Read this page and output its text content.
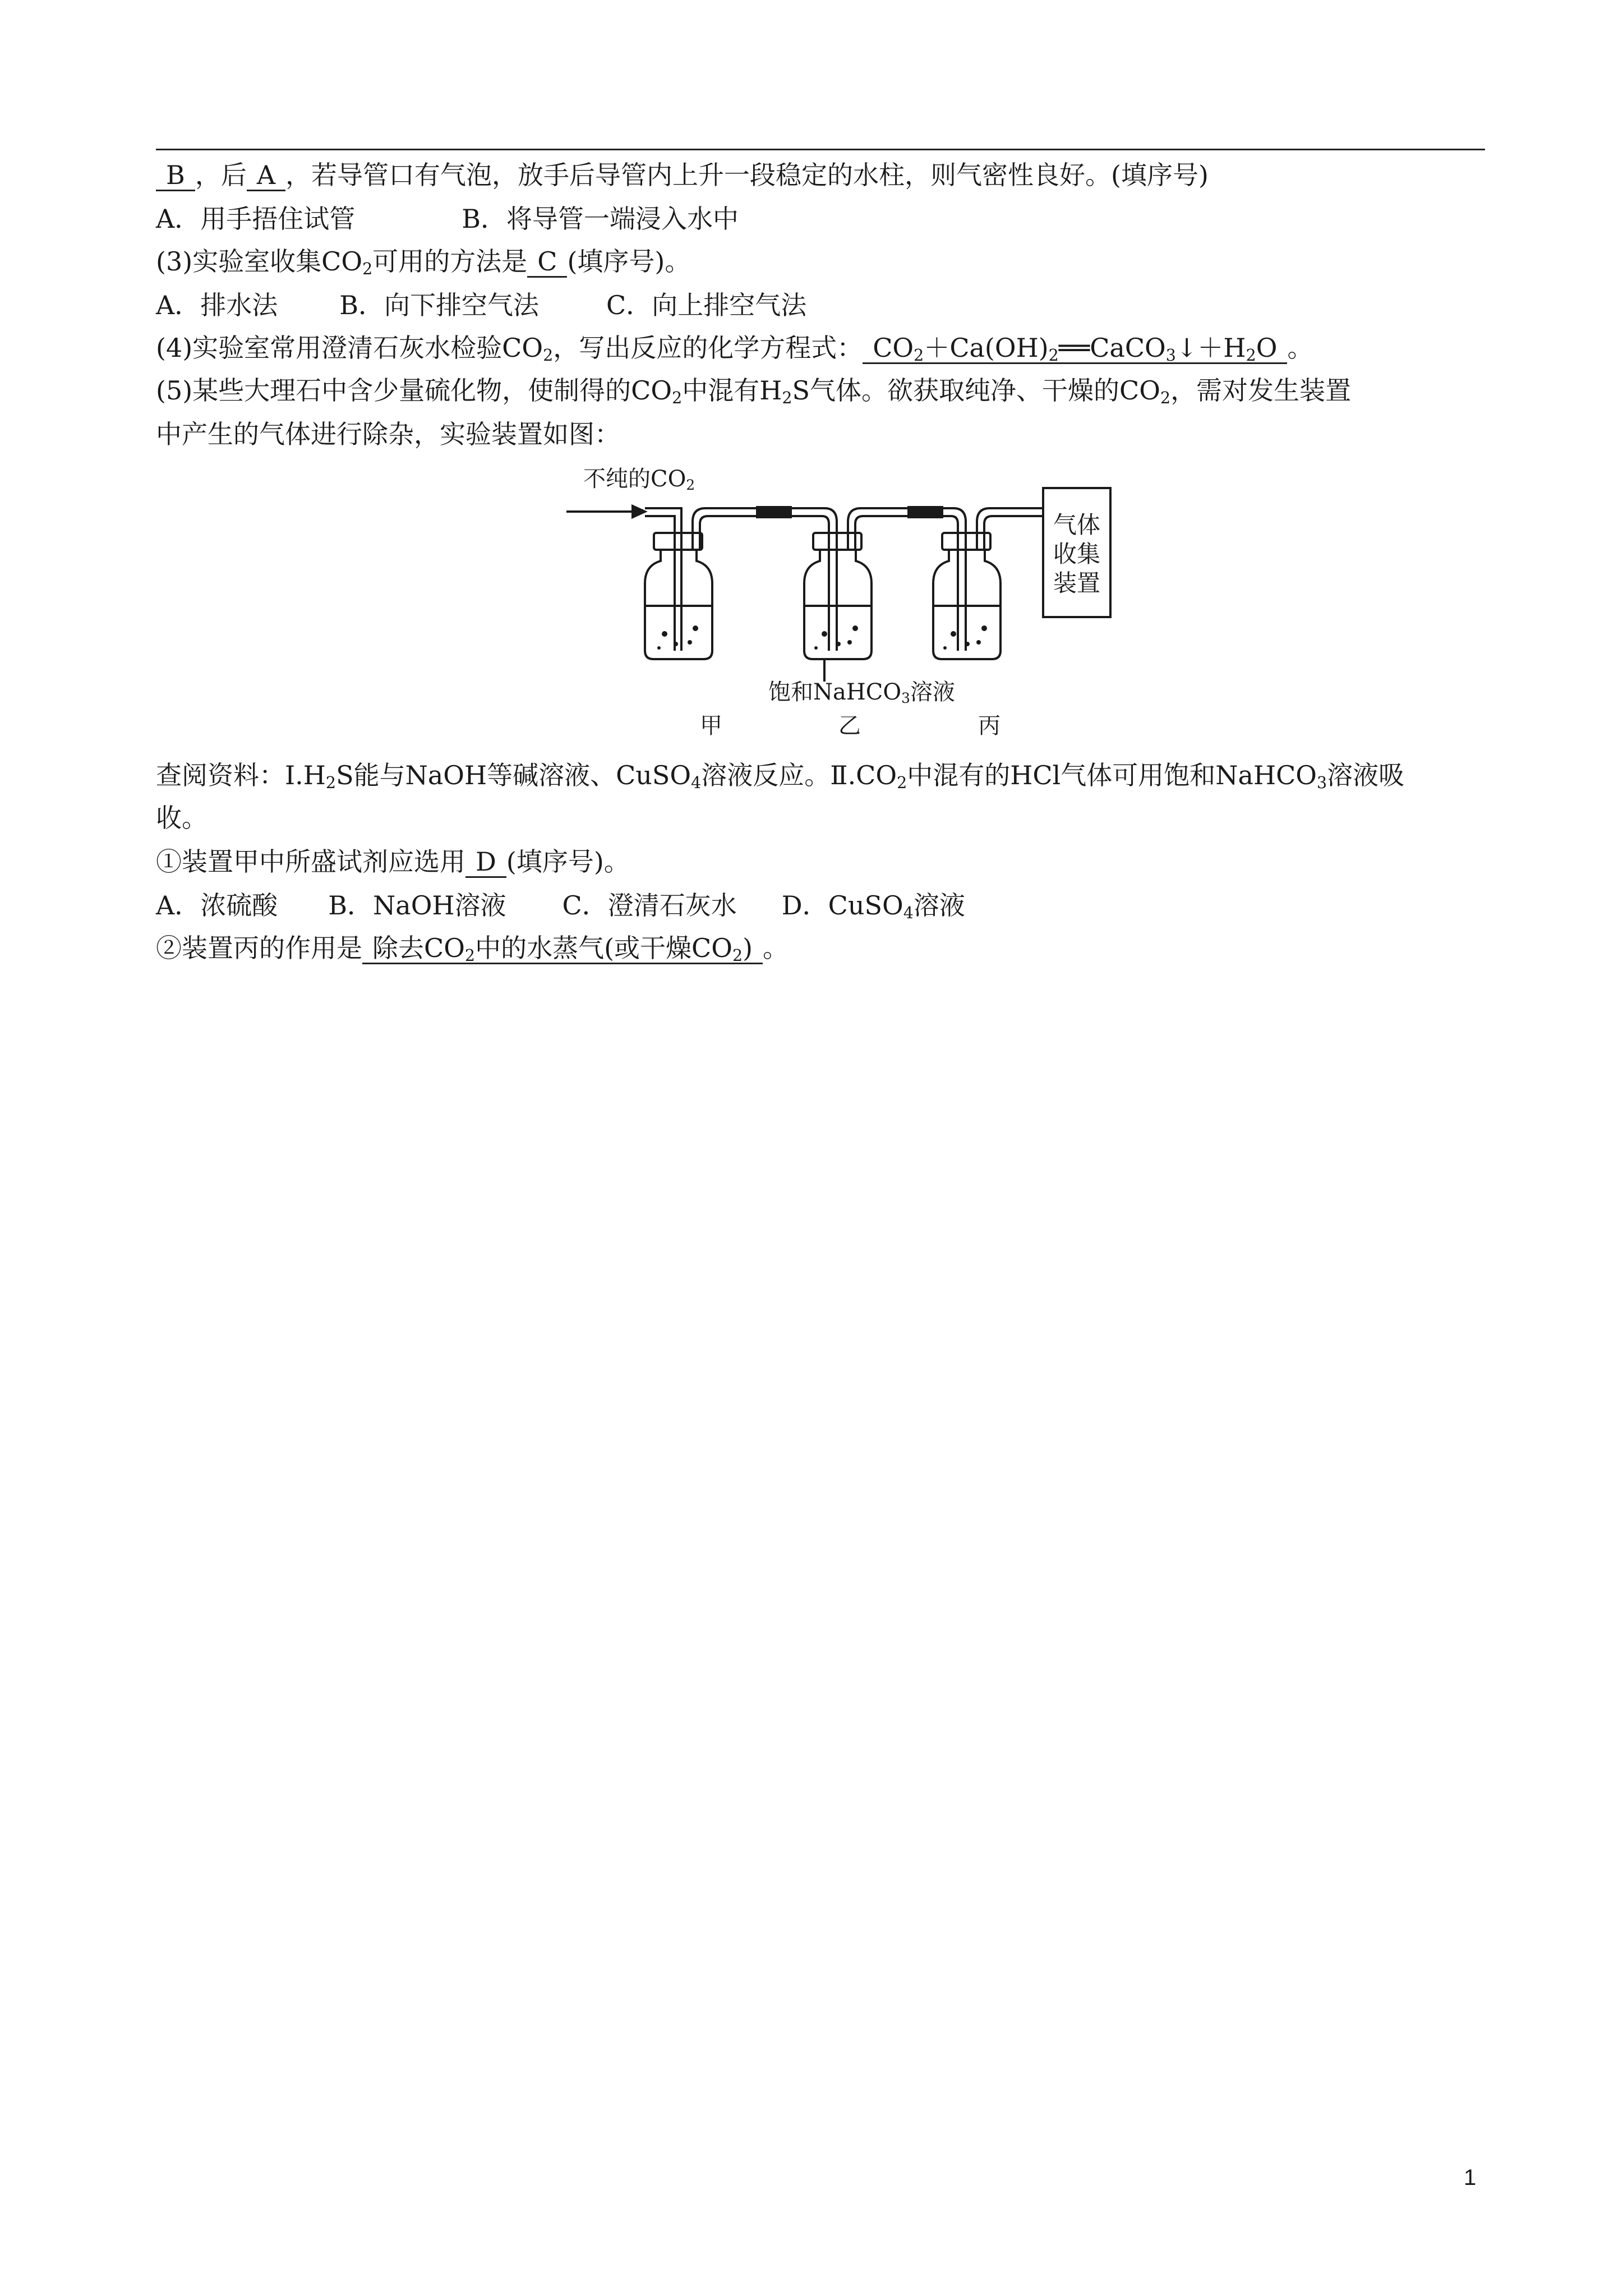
B ，后 A ，若导管口有气泡，放手后导管内上升一段稳定的水柱，则气密性良好。(填序号)
A．用手捂住试管	B．将导管一端浸入水中
(3)实验室收集$CO_2$可用的方法是 C (填序号)。
A．排水法 B．向下排空气法	C．向上排空气法
(4)实验室常用澄清石灰水检验$CO_2$，写出反应的化学方程式： $CO_2+Ca(OH)_2══CaCO_3↓+H_2O$ 。
(5)某些大理石中含少量硫化物，使制得的$CO_2$中混有$H_2S$气体。欲获取纯净、干燥的$CO_2$，需对发生装置
中产生的气体进行除杂，实验装置如图：
不纯的$CO_2$
气体收集装置
饱和NaHCO$_3$溶液
甲	乙	丙
查阅资料：$I.H_2S$能与NaOH等碱溶液、CuSO$_4$溶液反应。$Ⅱ.CO_2$中混有的HCl气体可用饱和NaHCO$_3$溶液吸
收。
①装置甲中所盛试剂应选用 D (填序号)。
A．浓硫酸 B．NaOH溶液 C．澄清石灰水 D．CuSO$_4$溶液
②装置丙的作用是 除去$CO_2$中的水蒸气(或干燥$CO_2$) 。
1
